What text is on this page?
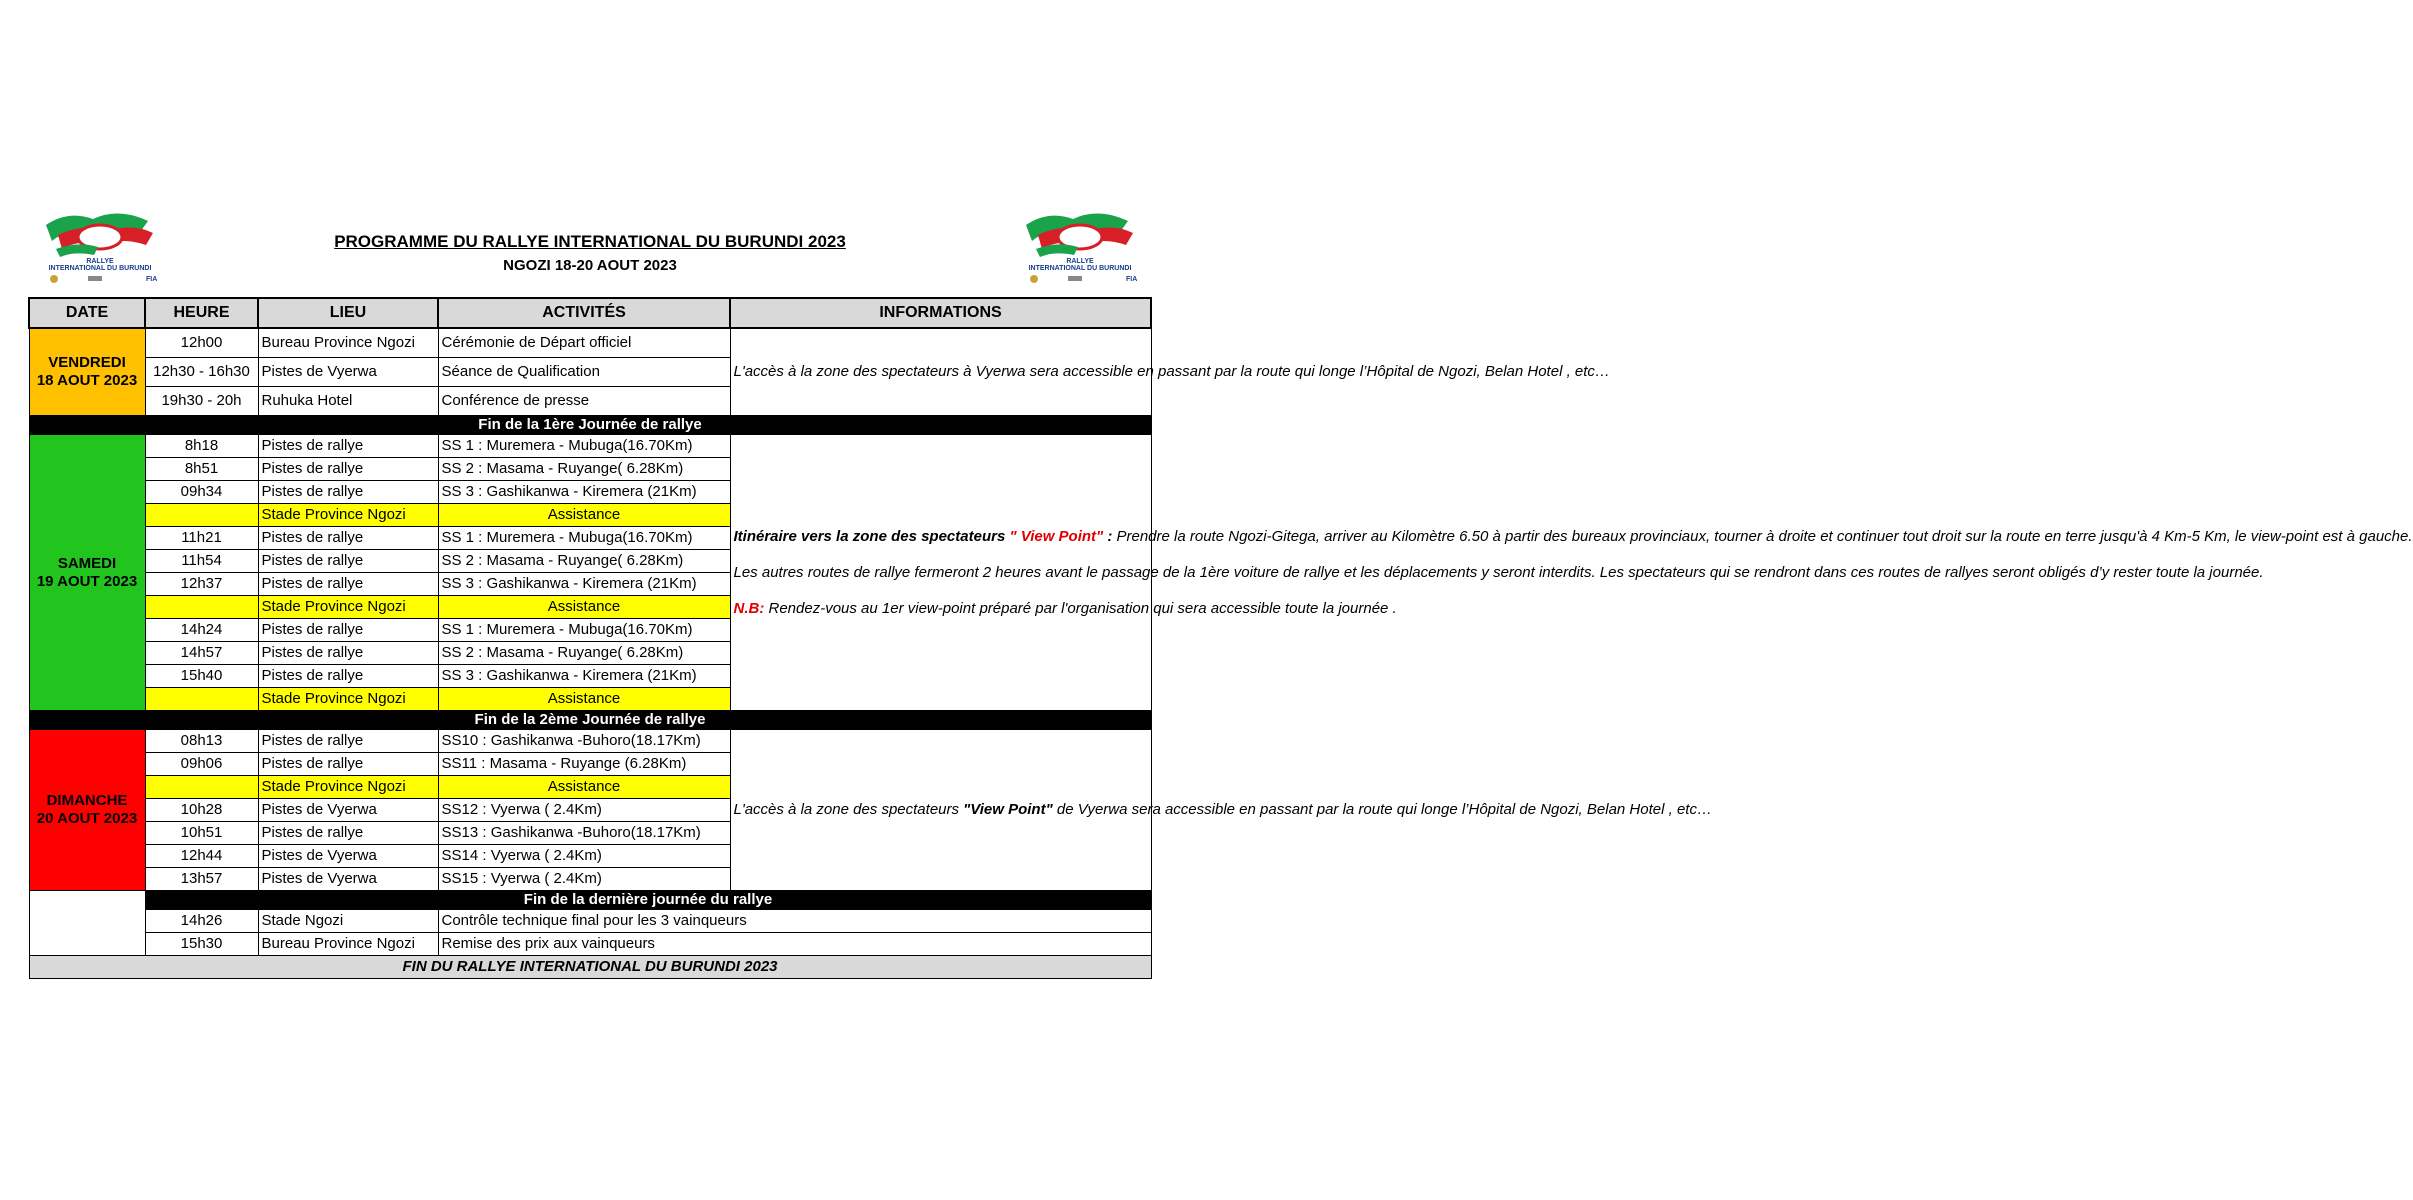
RALLYE
INTERNATIONAL DU BURUNDI
FIA
RALLYE
INTERNATIONAL DU BURUNDI
FIA
PROGRAMME DU RALLYE INTERNATIONAL DU BURUNDI 2023
NGOZI 18-20 AOUT 2023
DATE	HEURE	LIEU	ACTIVITÉS	INFORMATIONS
VENDREDI
18 AOUT 2023	12h00	Bureau Province Ngozi	Cérémonie de Départ officiel	L'accès à la zone des spectateurs à Vyerwa sera accessible en passant par la route qui longe l’Hôpital de Ngozi, Belan Hotel , etc…
	12h30 - 16h30	Pistes de Vyerwa	Séance de Qualification	
	19h30 - 20h	Ruhuka Hotel	Conférence de presse	
Fin de la 1ère Journée de rallye				
SAMEDI
19 AOUT 2023	8h18	Pistes de rallye	SS 1 : Muremera - Mubuga(16.70Km)	Itinéraire vers la zone des spectateurs " View Point" : Prendre la route Ngozi-Gitega, arriver au Kilomètre 6.50 à partir des bureaux provinciaux, tourner à droite et continuer tout droit sur la route en terre jusqu'à 4 Km-5 Km, le view-point est à gauche.

Les autres routes de rallye fermeront 2 heures avant le passage de la 1ère voiture de rallye et les déplacements y seront interdits. Les spectateurs qui se rendront dans ces routes de rallyes seront obligés d’y rester toute la journée.

N.B: Rendez-vous au 1er view-point préparé par l'organisation qui sera accessible toute la journée .
	8h51	Pistes de rallye	SS 2 : Masama - Ruyange( 6.28Km)	
	09h34	Pistes de rallye	SS 3 : Gashikanwa - Kiremera (21Km)	
		Stade Province Ngozi	Assistance	
	11h21	Pistes de rallye	SS 1 : Muremera - Mubuga(16.70Km)	
	11h54	Pistes de rallye	SS 2 : Masama - Ruyange( 6.28Km)	
	12h37	Pistes de rallye	SS 3 : Gashikanwa - Kiremera (21Km)	
		Stade Province Ngozi	Assistance	
	14h24	Pistes de rallye	SS 1 : Muremera - Mubuga(16.70Km)	
	14h57	Pistes de rallye	SS 2 : Masama - Ruyange( 6.28Km)	
	15h40	Pistes de rallye	SS 3 : Gashikanwa - Kiremera (21Km)	
		Stade Province Ngozi	Assistance	
Fin de la 2ème Journée de rallye				
DIMANCHE
20 AOUT 2023	08h13	Pistes de rallye	SS10 : Gashikanwa -Buhoro(18.17Km)	L'accès à la zone des spectateurs "View Point" de Vyerwa sera accessible en passant par la route qui longe l’Hôpital de Ngozi, Belan Hotel , etc…
	09h06	Pistes de rallye	SS11 : Masama - Ruyange (6.28Km)	
		Stade Province Ngozi	Assistance	
	10h28	Pistes de Vyerwa	SS12 : Vyerwa ( 2.4Km)	
	10h51	Pistes de rallye	SS13 : Gashikanwa -Buhoro(18.17Km)	
	12h44	Pistes de Vyerwa	SS14 : Vyerwa ( 2.4Km)	
	13h57	Pistes de Vyerwa	SS15 : Vyerwa ( 2.4Km)	
	Fin de la dernière journée du rallye			
	14h26	Stade Ngozi	Contrôle technique final pour les 3 vainqueurs	
	15h30	Bureau Province Ngozi	Remise des prix aux vainqueurs	
FIN DU RALLYE INTERNATIONAL DU BURUNDI 2023				
